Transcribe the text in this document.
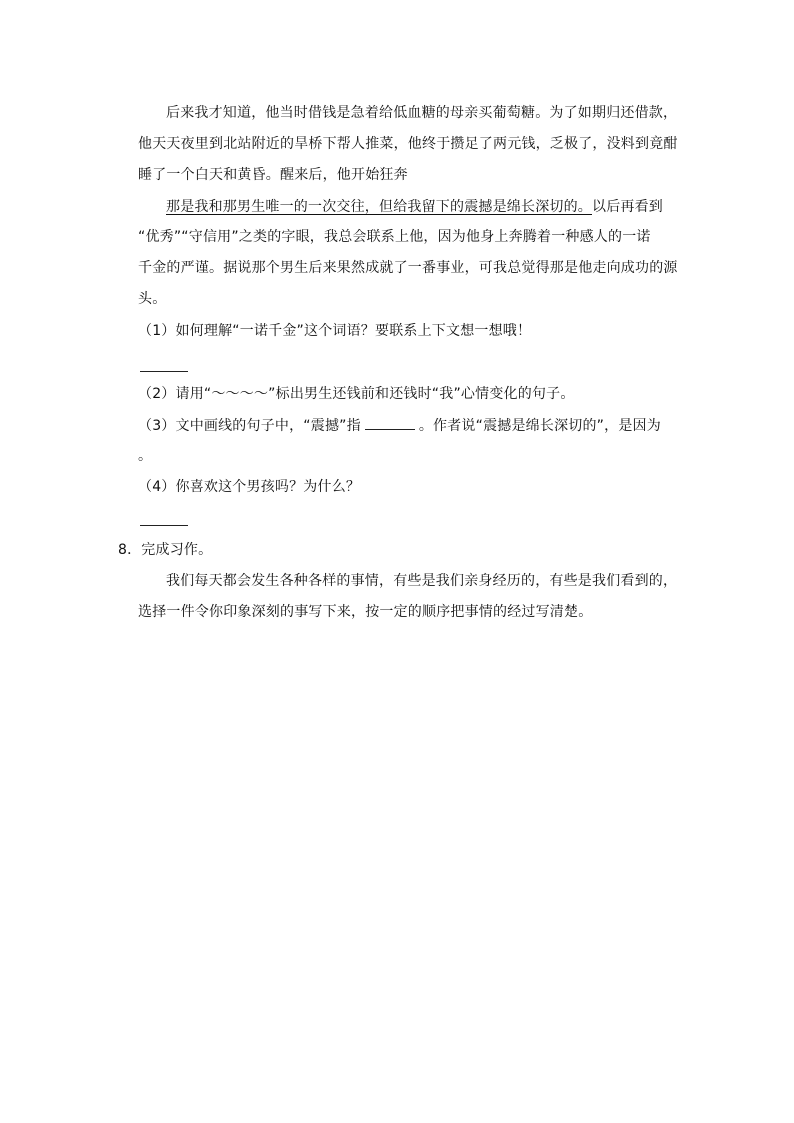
后来我才知道，他当时借钱是急着给低血糖的母亲买葡萄糖。为了如期归还借款，
他天天夜里到北站附近的旱桥下帮人推菜，他终于攒足了两元钱，乏极了，没料到竟酣
睡了一个白天和黄昏。醒来后，他开始狂奔
那是我和那男生唯一的一次交往，但给我留下的震撼是绵长深切的。以后再看到
“优秀”“守信用”之类的字眼，我总会联系上他，因为他身上奔腾着一种感人的一诺
千金的严谨。据说那个男生后来果然成就了一番事业，可我总觉得那是他走向成功的源
头。
（1）如何理解“一诺千金”这个词语？要联系上下文想一想哦！
（2）请用“～～～～”标出男生还钱前和还钱时“我”心情变化的句子。
（3）文中画线的句子中，“震撼”指	。作者说“震撼是绵长深切的”，是因为
。
（4）你喜欢这个男孩吗？为什么？
8．完成习作。
我们每天都会发生各种各样的事情，有些是我们亲身经历的，有些是我们看到的，
选择一件令你印象深刻的事写下来，按一定的顺序把事情的经过写清楚。
